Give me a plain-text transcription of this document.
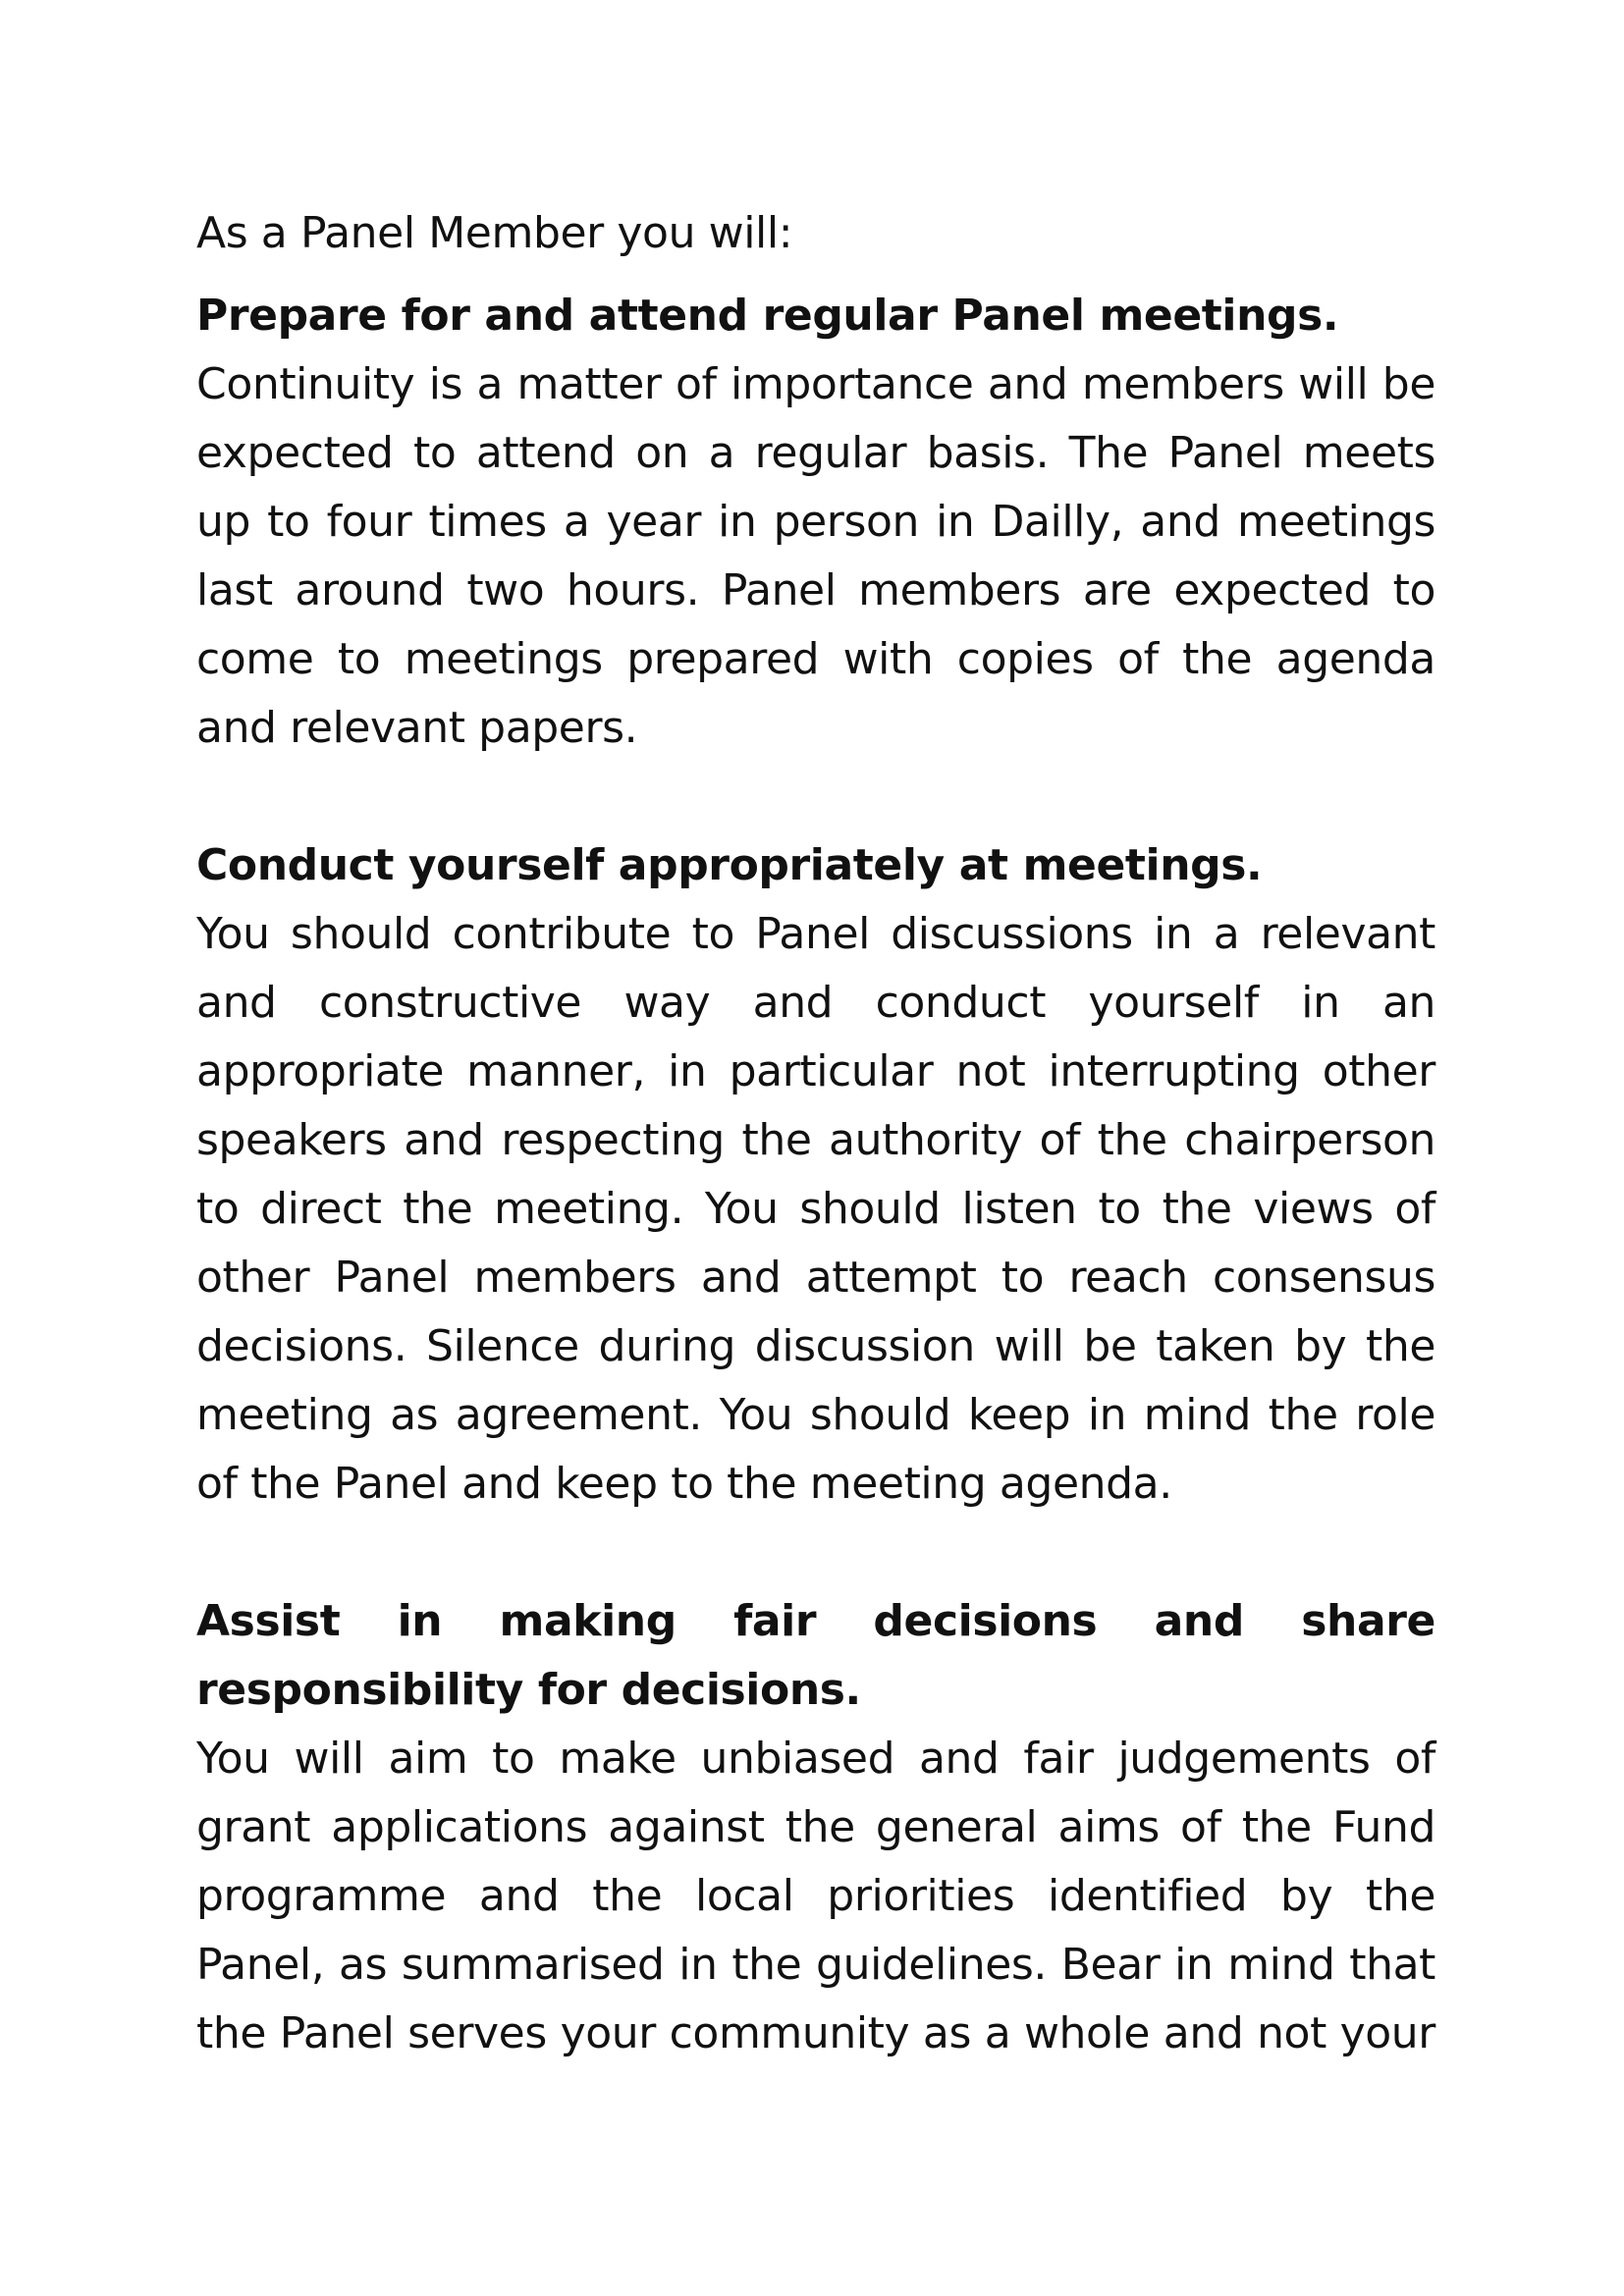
As a Panel Member you will:

Prepare for and attend regular Panel meetings.

Continuity is a matter of importance and members will be expected to attend on a regular basis. The Panel meets up to four times a year in person in Dailly, and meetings last around two hours. Panel members are expected to come to meetings prepared with copies of the agenda and relevant papers.

Conduct yourself appropriately at meetings.

You should contribute to Panel discussions in a relevant and constructive way and conduct yourself in an appropriate manner, in particular not interrupting other speakers and respecting the authority of the chairperson to direct the meeting. You should listen to the views of other Panel members and attempt to reach consensus decisions. Silence during discussion will be taken by the meeting as agreement. You should keep in mind the role of the Panel and keep to the meeting agenda.

Assist in making fair decisions and share responsibility for decisions.

You will aim to make unbiased and fair judgements of grant applications against the general aims of the Fund programme and the local priorities identified by the Panel, as summarised in the guidelines. Bear in mind that the Panel serves your community as a whole and not your
